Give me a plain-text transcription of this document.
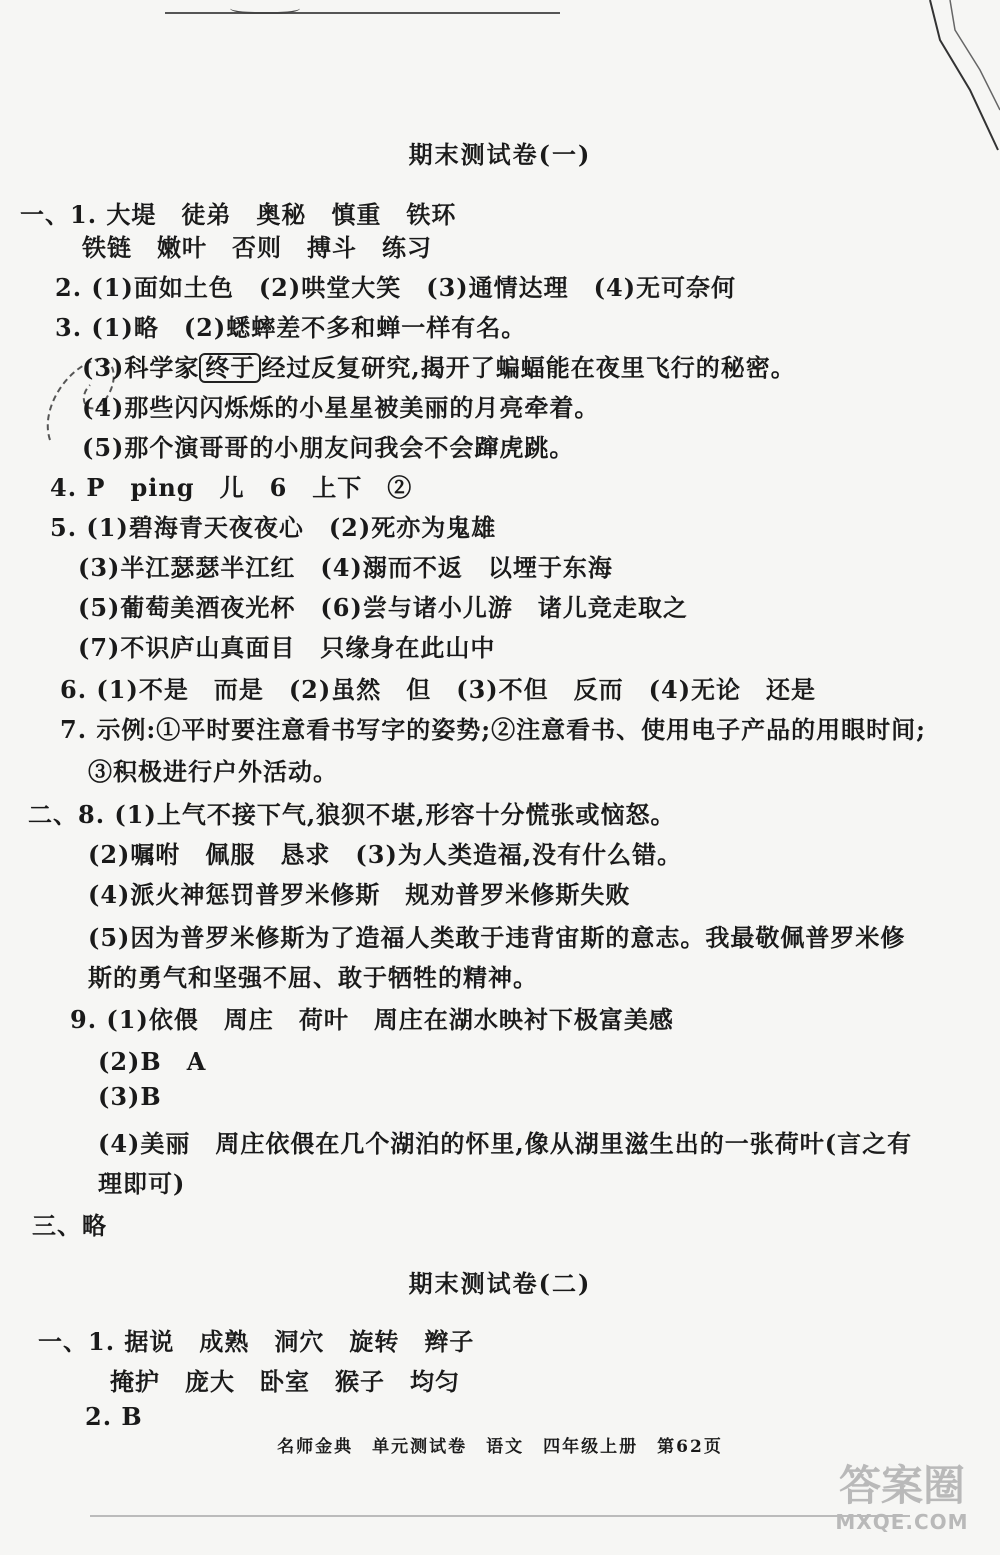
期末测试卷(一)
一、1. 大堤　徒弟　奥秘　慎重　铁环
铁链　嫩叶　否则　搏斗　练习
2. (1)面如土色　(2)哄堂大笑　(3)通情达理　(4)无可奈何
3. (1)略　(2)蟋蟀差不多和蝉一样有名。
(3)科学家 终于 经过反复研究,揭开了蝙蝠能在夜里飞行的秘密。
(4)那些闪闪烁烁的小星星被美丽的月亮牵着。
(5)那个演哥哥的小朋友问我会不会蹿虎跳。
4. P　ping　儿　6　上下　②
5. (1)碧海青天夜夜心　(2)死亦为鬼雄
(3)半江瑟瑟半江红　(4)溺而不返　以堙于东海
(5)葡萄美酒夜光杯　(6)尝与诸小儿游　诸儿竞走取之
(7)不识庐山真面目　只缘身在此山中
6. (1)不是　而是　(2)虽然　但　(3)不但　反而　(4)无论　还是
7. 示例:①平时要注意看书写字的姿势;②注意看书、使用电子产品的用眼时间;
③积极进行户外活动。
二、8. (1)上气不接下气,狼狈不堪,形容十分慌张或恼怒。
(2)嘱咐　佩服　恳求　(3)为人类造福,没有什么错。
(4)派火神惩罚普罗米修斯　规劝普罗米修斯失败
(5)因为普罗米修斯为了造福人类敢于违背宙斯的意志。我最敬佩普罗米修
斯的勇气和坚强不屈、敢于牺牲的精神。
9. (1)依偎　周庄　荷叶　周庄在湖水映衬下极富美感
(2)B　A
(3)B
(4)美丽　周庄依偎在几个湖泊的怀里,像从湖里滋生出的一张荷叶(言之有
理即可)
三、略
期末测试卷(二)
一、1. 据说　成熟　洞穴　旋转　辫子
掩护　庞大　卧室　猴子　均匀
2. B
名师金典　单元测试卷　语文　四年级上册　第62页
答案圈
MXQE.COM
